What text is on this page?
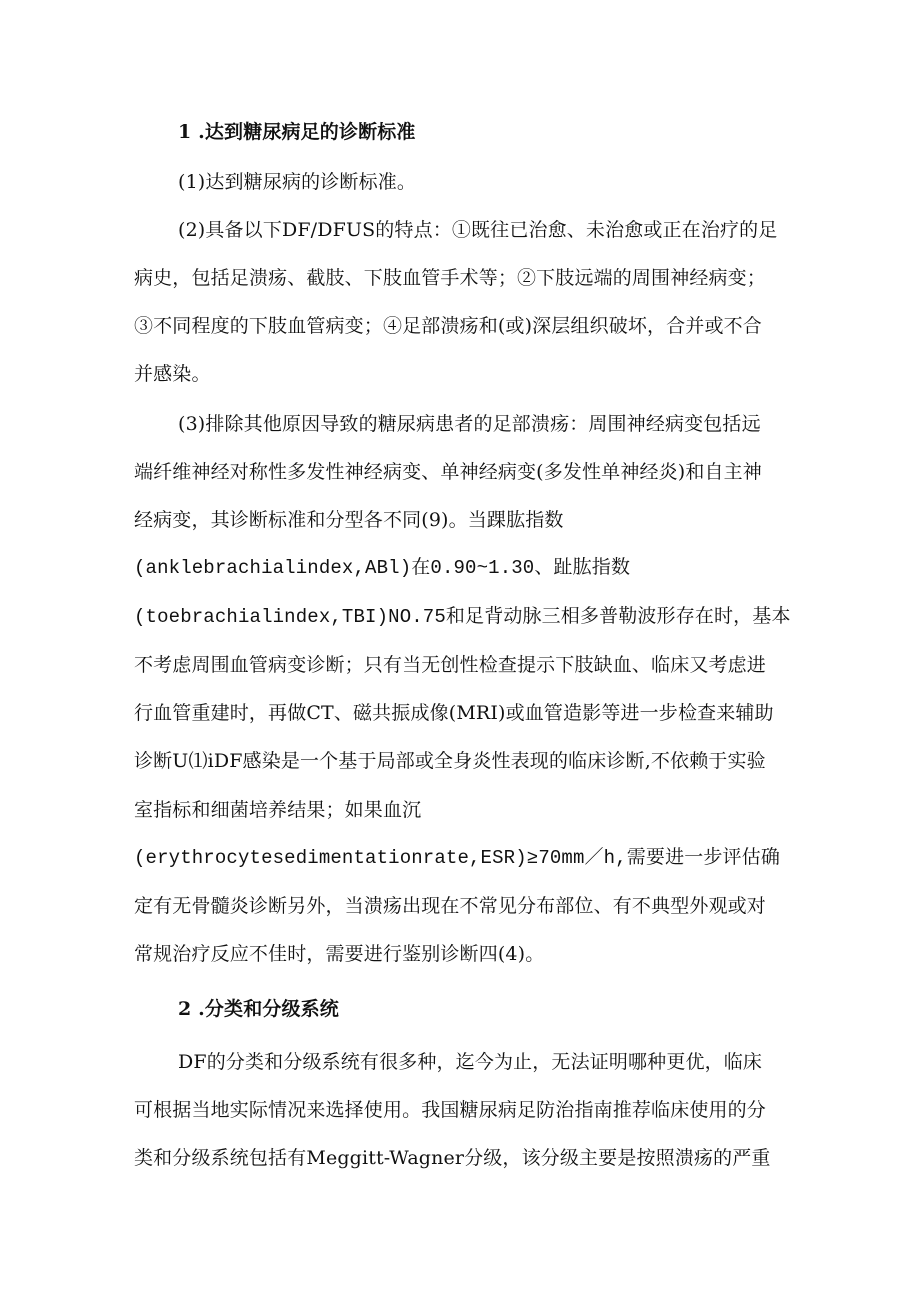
1 .达到糖尿病足的诊断标准
(1)达到糖尿病的诊断标准。
(2)具备以下DF/DFUS的特点：①既往已治愈、未治愈或正在治疗的足
病史，包括足溃疡、截肢、下肢血管手术等；②下肢远端的周围神经病变；
③不同程度的下肢血管病变；④足部溃疡和(或)深层组织破坏，合并或不合
并感染。
(3)排除其他原因导致的糖尿病患者的足部溃疡：周围神经病变包括远
端纤维神经对称性多发性神经病变、单神经病变(多发性单神经炎)和自主神
经病变，其诊断标准和分型各不同(9)。当踝肱指数
(anklebrachialindex,ABl)在0.90~1.30、趾肱指数
(toebrachialindex,TBI)NO.75和足背动脉三相多普勒波形存在时，基本
不考虑周围血管病变诊断；只有当无创性检查提示下肢缺血、临床又考虑进
行血管重建时，再做CT、磁共振成像(MRI)或血管造影等进一步检查来辅助
诊断U⑴iDF感染是一个基于局部或全身炎性表现的临床诊断,不依赖于实验
室指标和细菌培养结果；如果血沉
(erythrocytesedimentationrate,ESR)≥70mm／h,需要进一步评估确
定有无骨髓炎诊断另外，当溃疡出现在不常见分布部位、有不典型外观或对
常规治疗反应不佳时，需要进行鉴别诊断四(4)。
2 .分类和分级系统
DF的分类和分级系统有很多种，迄今为止，无法证明哪种更优，临床
可根据当地实际情况来选择使用。我国糖尿病足防治指南推荐临床使用的分
类和分级系统包括有Meggitt-Wagner分级，该分级主要是按照溃疡的严重
